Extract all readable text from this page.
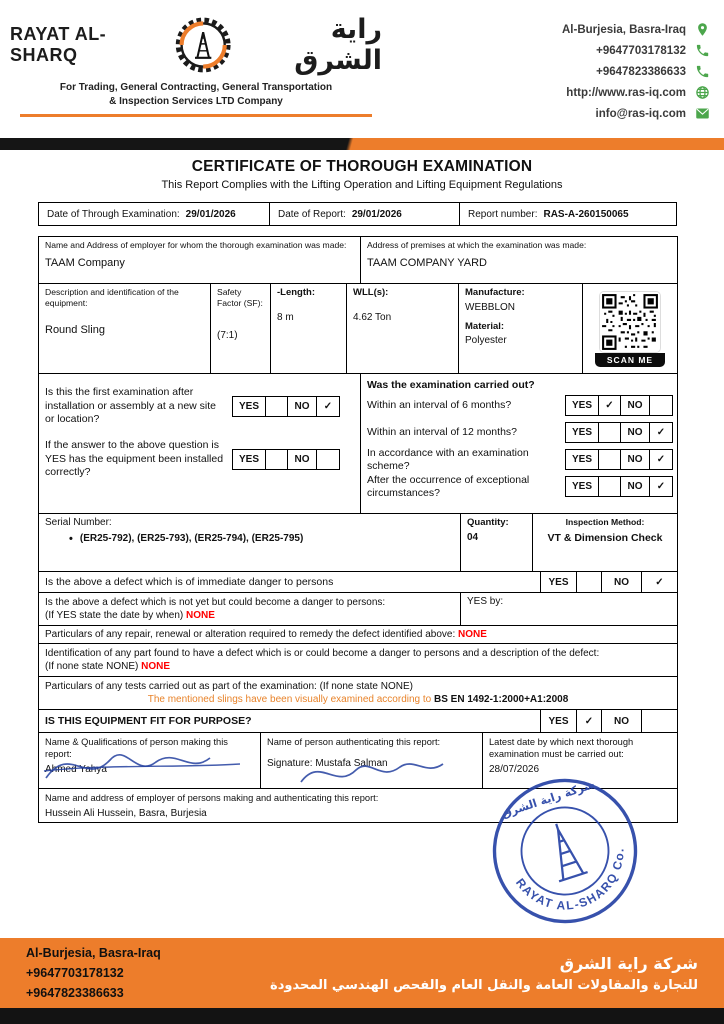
RAYAT AL-SHARQ
راية الشرق
For Trading, General Contracting, General Transportation
& Inspection Services LTD Company
Al-Burjesia, Basra-Iraq
+9647703178132
+9647823386633
http://www.ras-iq.com
info@ras-iq.com
CERTIFICATE OF THOROUGH EXAMINATION
This Report Complies with the Lifting Operation and Lifting Equipment Regulations
Date of Through Examination: 29/01/2026	Date of Report: 29/01/2026	Report number: RAS-A-260150065
Name and Address of employer for whom the thorough examination was made:
TAAM Company
Address of premises at which the examination was made:
TAAM COMPANY YARD
Description and identification of the equipment:
Round Sling
Safety Factor (SF):
(7:1)
-Length:
8 m
WLL(s):
4.62 Ton
Manufacture:
WEBBLON
Material:
Polyester
SCAN ME
Is this the first examination after installation or assembly at a new site or location?
YES	NO	✓
If the answer to the above question is YES has the equipment been installed correctly?
YES	NO
Was the examination carried out?
Within an interval of 6 months?	YES	✓	NO
Within an interval of 12 months?	YES	NO	✓
In accordance with an examination scheme?	YES	NO	✓
After the occurrence of exceptional circumstances?	YES	NO	✓
Serial Number:
•
(ER25-792), (ER25-793), (ER25-794), (ER25-795)
Quantity:
04
Inspection Method:
VT & Dimension Check
Is the above a defect which is of immediate danger to persons	YES	NO	✓
Is the above a defect which is not yet but could become a danger to persons:
(If YES state the date by when) NONE
YES by:
Particulars of any repair, renewal or alteration required to remedy the defect identified above: NONE
Identification of any part found to have a defect which is or could become a danger to persons and a description of the defect:
(If none state NONE) NONE
Particulars of any tests carried out as part of the examination: (If none state NONE)
The mentioned slings have been visually examined according to BS EN 1492-1:2000+A1:2008
IS THIS EQUIPMENT FIT FOR PURPOSE?	YES	✓	NO
Name & Qualifications of person making this report:
Ahmed Yahya
Name of person authenticating this report:
Signature: Mustafa Salman
Latest date by which next thorough examination must be carried out:
28/07/2026
Name and address of employer of persons making and authenticating this report:
Hussein Ali Hussein, Basra, Burjesia	شركة راية الشرق
RAYAT AL-SHARQ Co.
Al-Burjesia, Basra-Iraq
+9647703178132
+9647823386633
شركة راية الشرق
للتجارة والمقاولات العامة والنقل العام والفحص الهندسي المحدودة
